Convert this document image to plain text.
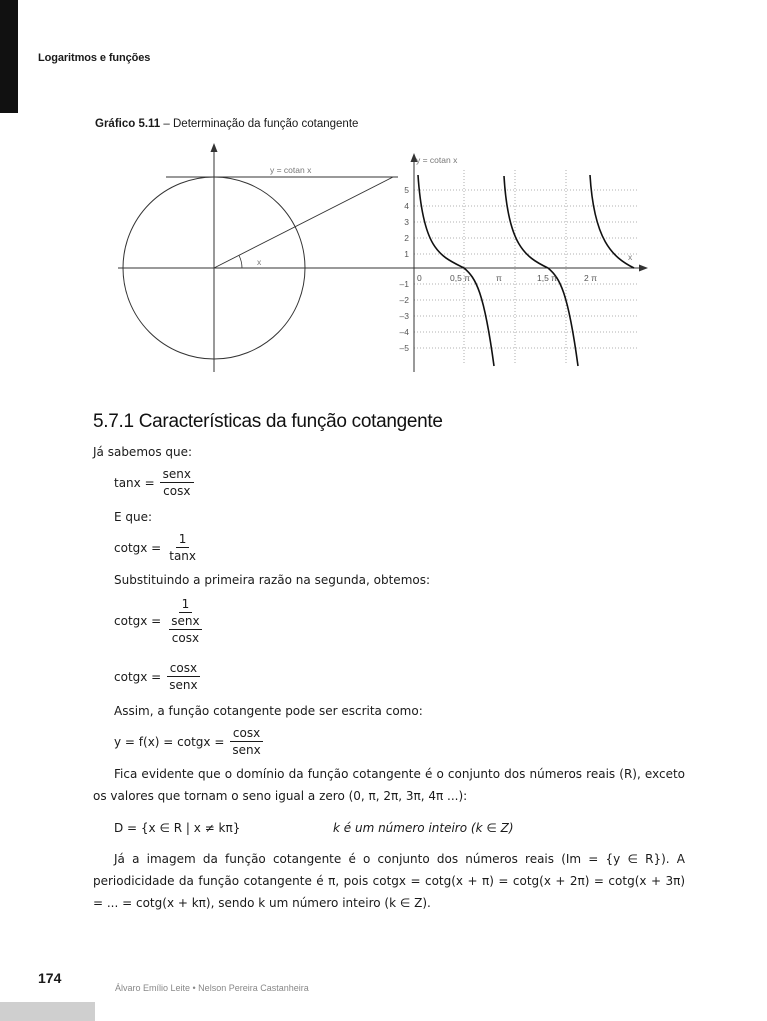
Logaritmos e funções
Gráfico 5.11 – Determinação da função cotangente
y = cotan x
x
5
4
3
2
1
–1
–2
–3
–4
–5
0	0,5 π	π	1,5 π	2 π
y = cotan x
x
5.7.1 Características da função cotangente
Já sabemos que:
tanx =
senx
cosx
E que:
cotgx = $\frac{1}{\tan x}$
Substituindo a primeira razão na segunda, obtemos:
cotgx =
1
senx
cosx
cotgx =
cosx
senx
Assim, a função cotangente pode ser escrita como:
y = f(x) = cotgx =
cosx
senx
Fica evidente que o domínio da função cotangente é o conjunto dos números reais (R), exceto os valores que tornam o seno igual a zero (0, π, 2π, 3π, 4π ...):
D = {x ∈ R | x ≠ kπ}	k é um número inteiro (k ∈ Z)
Já a imagem da função cotangente é o conjunto dos números reais (Im = {y ∈ R}). A periodicidade da função cotangente é π, pois cotgx = cotg(x + π) = cotg(x + 2π) = cotg(x + 3π) = ... = cotg(x + kπ), sendo k um número inteiro (k ∈ Z).
174
Álvaro Emílio Leite • Nelson Pereira Castanheira
